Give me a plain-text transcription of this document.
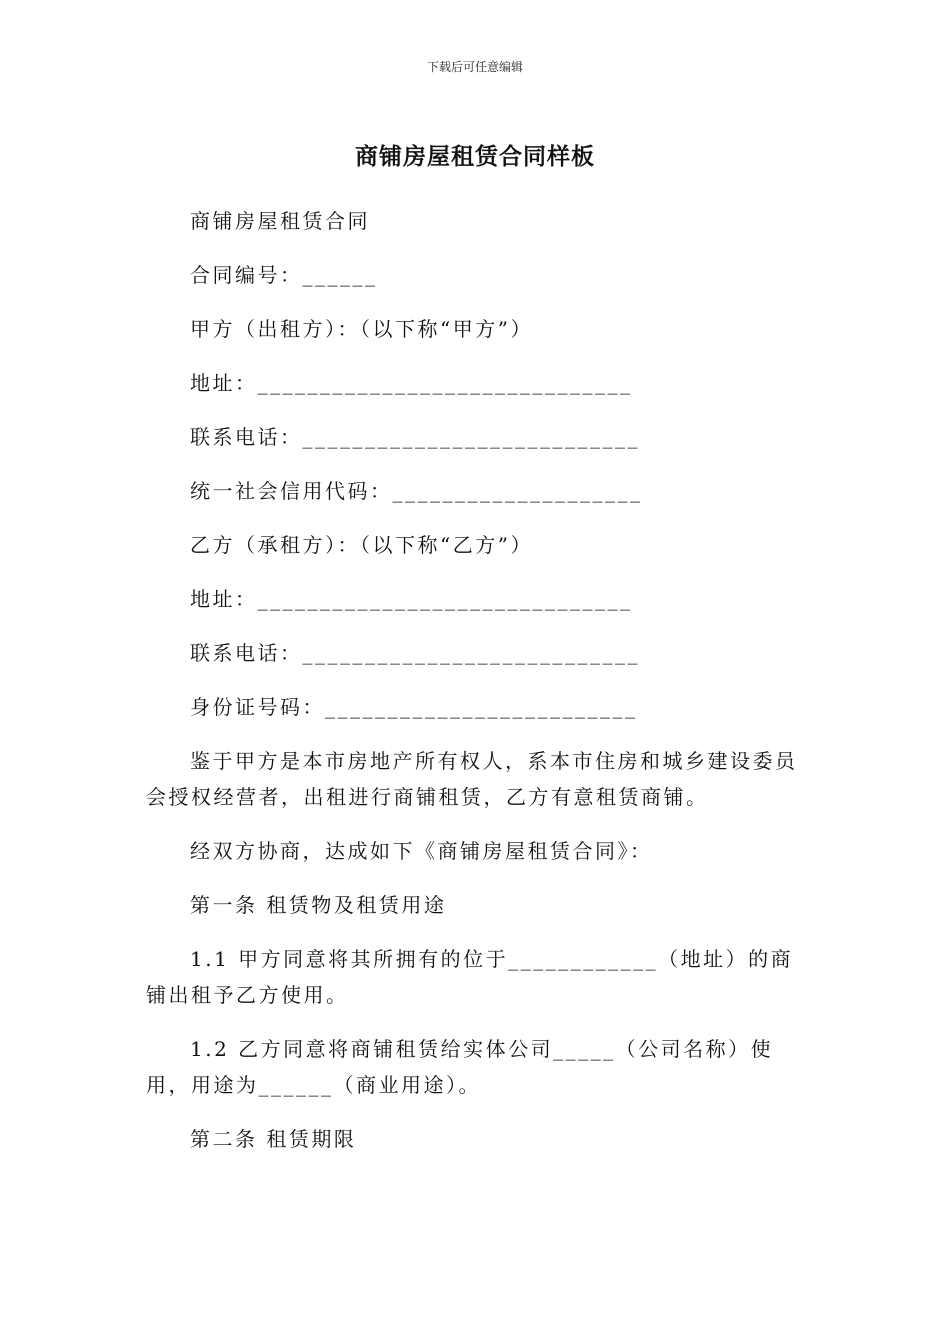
下载后可任意编辑
商铺房屋租赁合同样板

商铺房屋租赁合同

合同编号：______

甲方（出租方）：（以下称“甲方”）

地址：______________________________

联系电话：___________________________

统一社会信用代码：____________________

乙方（承租方）：（以下称“乙方”）

地址：______________________________

联系电话：___________________________

身份证号码：_________________________

鉴于甲方是本市房地产所有权人，系本市住房和城乡建设委员会授权经营者，出租进行商铺租赁，乙方有意租赁商铺。

经双方协商，达成如下《商铺房屋租赁合同》：

第一条 租赁物及租赁用途

1.1 甲方同意将其所拥有的位于____________（地址）的商铺出租予乙方使用。

1.2 乙方同意将商铺租赁给实体公司_____（公司名称）使用，用途为______（商业用途）。

第二条 租赁期限
